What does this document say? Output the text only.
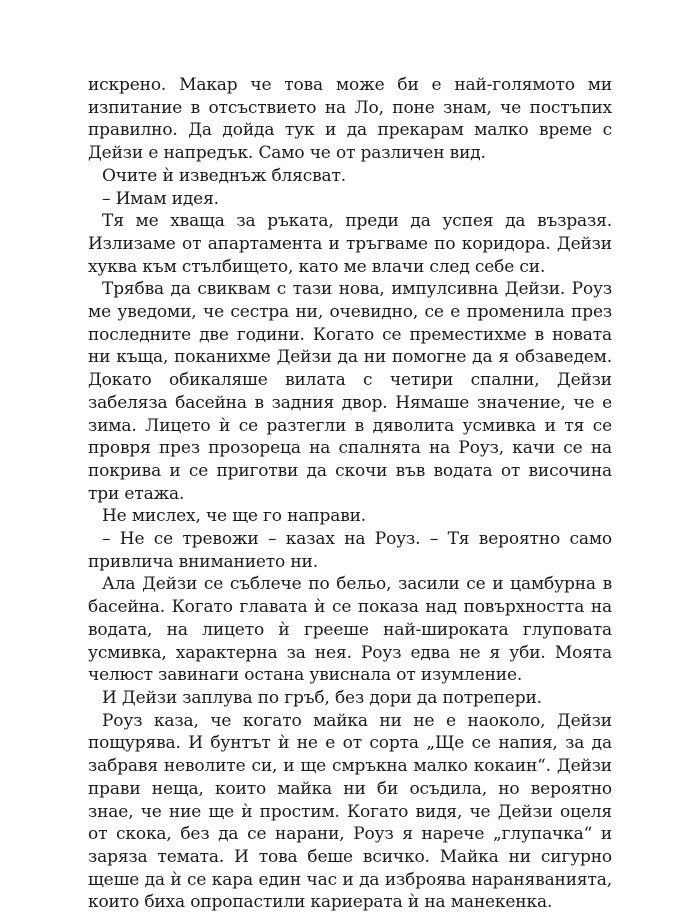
искрено. Макар че това може би е най-голямото ми изпитание в отсъствието на Ло, поне знам, че постъпих правилно. Да дойда тук и да прекарам малко време с Дейзи е напредък. Само че от различен вид.

Очите ѝ изведнъж блясват.

– Имам идея.

Тя ме хваща за ръката, преди да успея да възразя. Излизаме от апартамента и тръгваме по коридора. Дейзи хуква към стълбището, като ме влачи след себе си.

Трябва да свиквам с тази нова, импулсивна Дейзи. Роуз ме уведоми, че сестра ни, очевидно, се е променила през последните две години. Когато се преместихме в новата ни къща, поканихме Дейзи да ни помогне да я обзаведем. Докато обикаляше вилата с четири спални, Дейзи забеляза басейна в задния двор. Нямаше значение, че е зима. Лицето ѝ се разтегли в дяволита усмивка и тя се провря през прозореца на спалнята на Роуз, качи се на покрива и се приготви да скочи във водата от височина три етажа.

Не мислех, че ще го направи.

– Не се тревожи – казах на Роуз. – Тя вероятно само привлича вниманието ни.

Ала Дейзи се съблече по бельо, засили се и цамбурна в басейна. Когато главата ѝ се показа над повърхността на водата, на лицето ѝ грееше най-широката глуповата усмивка, характерна за нея. Роуз едва не я уби. Моята челюст завинаги остана увиснала от изумление.

И Дейзи заплува по гръб, без дори да потрепери.

Роуз каза, че когато майка ни не е наоколо, Дейзи пощурява. И бунтът ѝ не е от сорта „Ще се напия, за да забравя неволите си, и ще смръкна малко кокаин“. Дейзи прави неща, които майка ни би осъдила, но вероятно знае, че ние ще ѝ простим. Когато видя, че Дейзи оцеля от скока, без да се нарани, Роуз я нарече „глупачка“ и заряза темата. И това беше всичко. Майка ни сигурно щеше да ѝ се кара един час и да изброява нараняванията, които биха опропастили кариерата ѝ на манекенка.
